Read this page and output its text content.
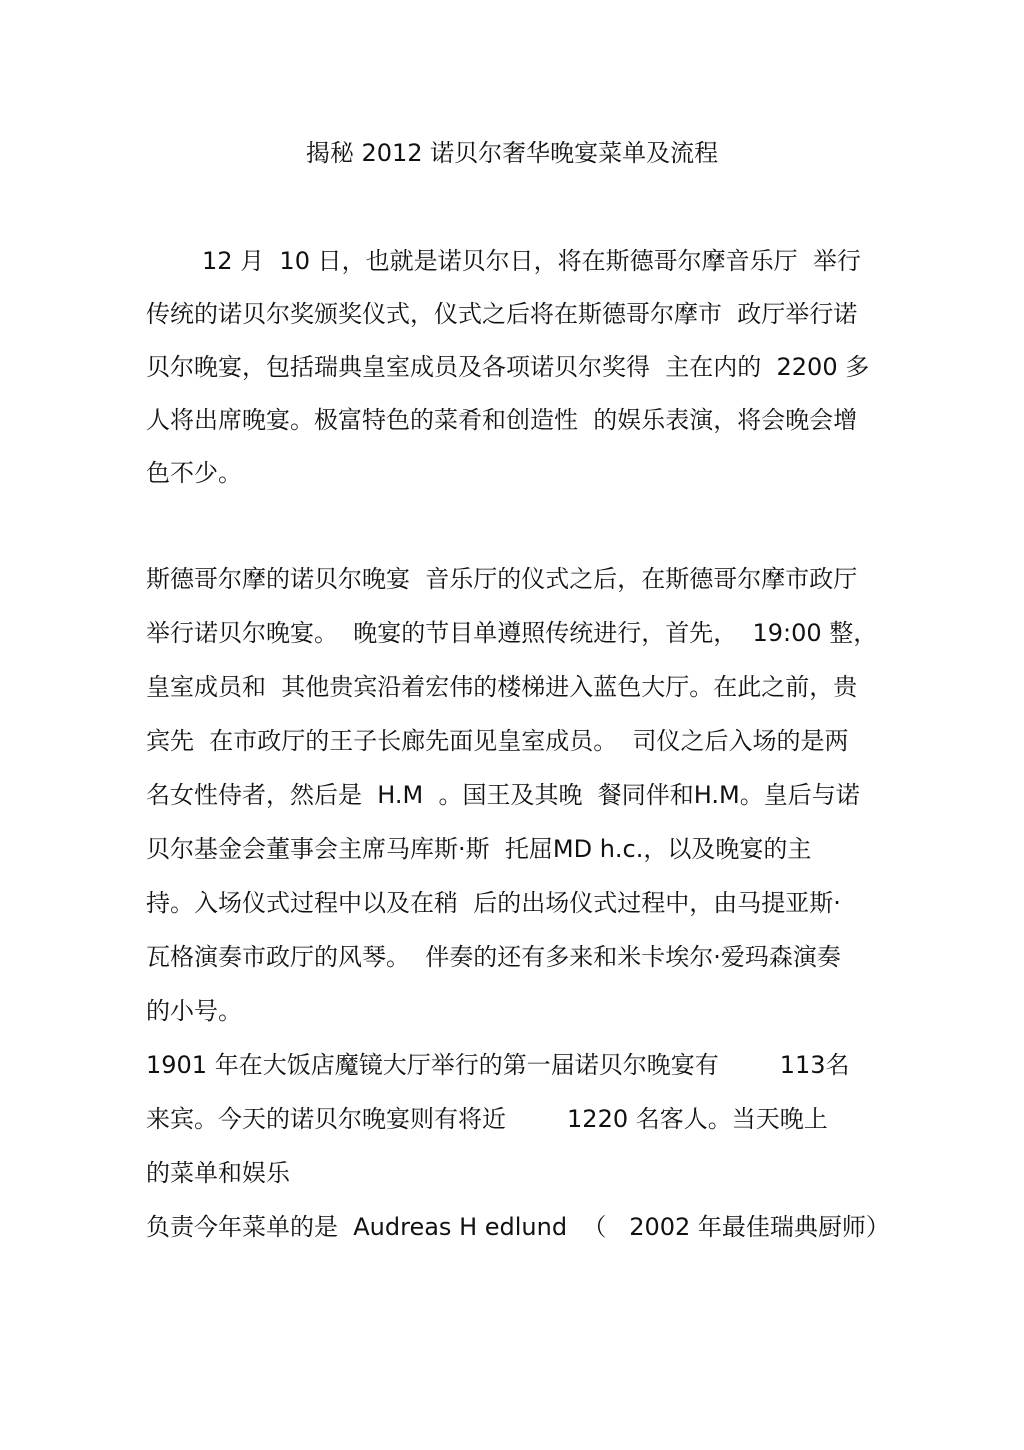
揭秘 2012 诺贝尔奢华晚宴菜单及流程
12 月  10 日，也就是诺贝尔日，将在斯德哥尔摩音乐厅  举行
传统的诺贝尔奖颁奖仪式，仪式之后将在斯德哥尔摩市  政厅举行诺
贝尔晚宴，包括瑞典皇室成员及各项诺贝尔奖得  主在内的  2200 多
人将出席晚宴。极富特色的菜肴和创造性  的娱乐表演，将会晚会增
色不少。
斯德哥尔摩的诺贝尔晚宴  音乐厅的仪式之后，在斯德哥尔摩市政厅
举行诺贝尔晚宴。  晚宴的节目单遵照传统进行，首先，  19:00 整，
皇室成员和  其他贵宾沿着宏伟的楼梯进入蓝色大厅。在此之前，贵
宾先  在市政厅的王子长廊先面见皇室成员。  司仪之后入场的是两
名女性侍者，然后是  H.M  。国王及其晚  餐同伴和H.M。皇后与诺
贝尔基金会董事会主席马库斯·斯  托屈MD h.c.，以及晚宴的主
持。入场仪式过程中以及在稍  后的出场仪式过程中，由马提亚斯·
瓦格演奏市政厅的风琴。  伴奏的还有多来和米卡埃尔·爱玛森演奏
的小号。
1901 年在大饭店魔镜大厅举行的第一届诺贝尔晚宴有        113名
来宾。今天的诺贝尔晚宴则有将近        1220 名客人。当天晚上
的菜单和娱乐
负责今年菜单的是  Audreas H edlund  （   2002 年最佳瑞典厨师）
